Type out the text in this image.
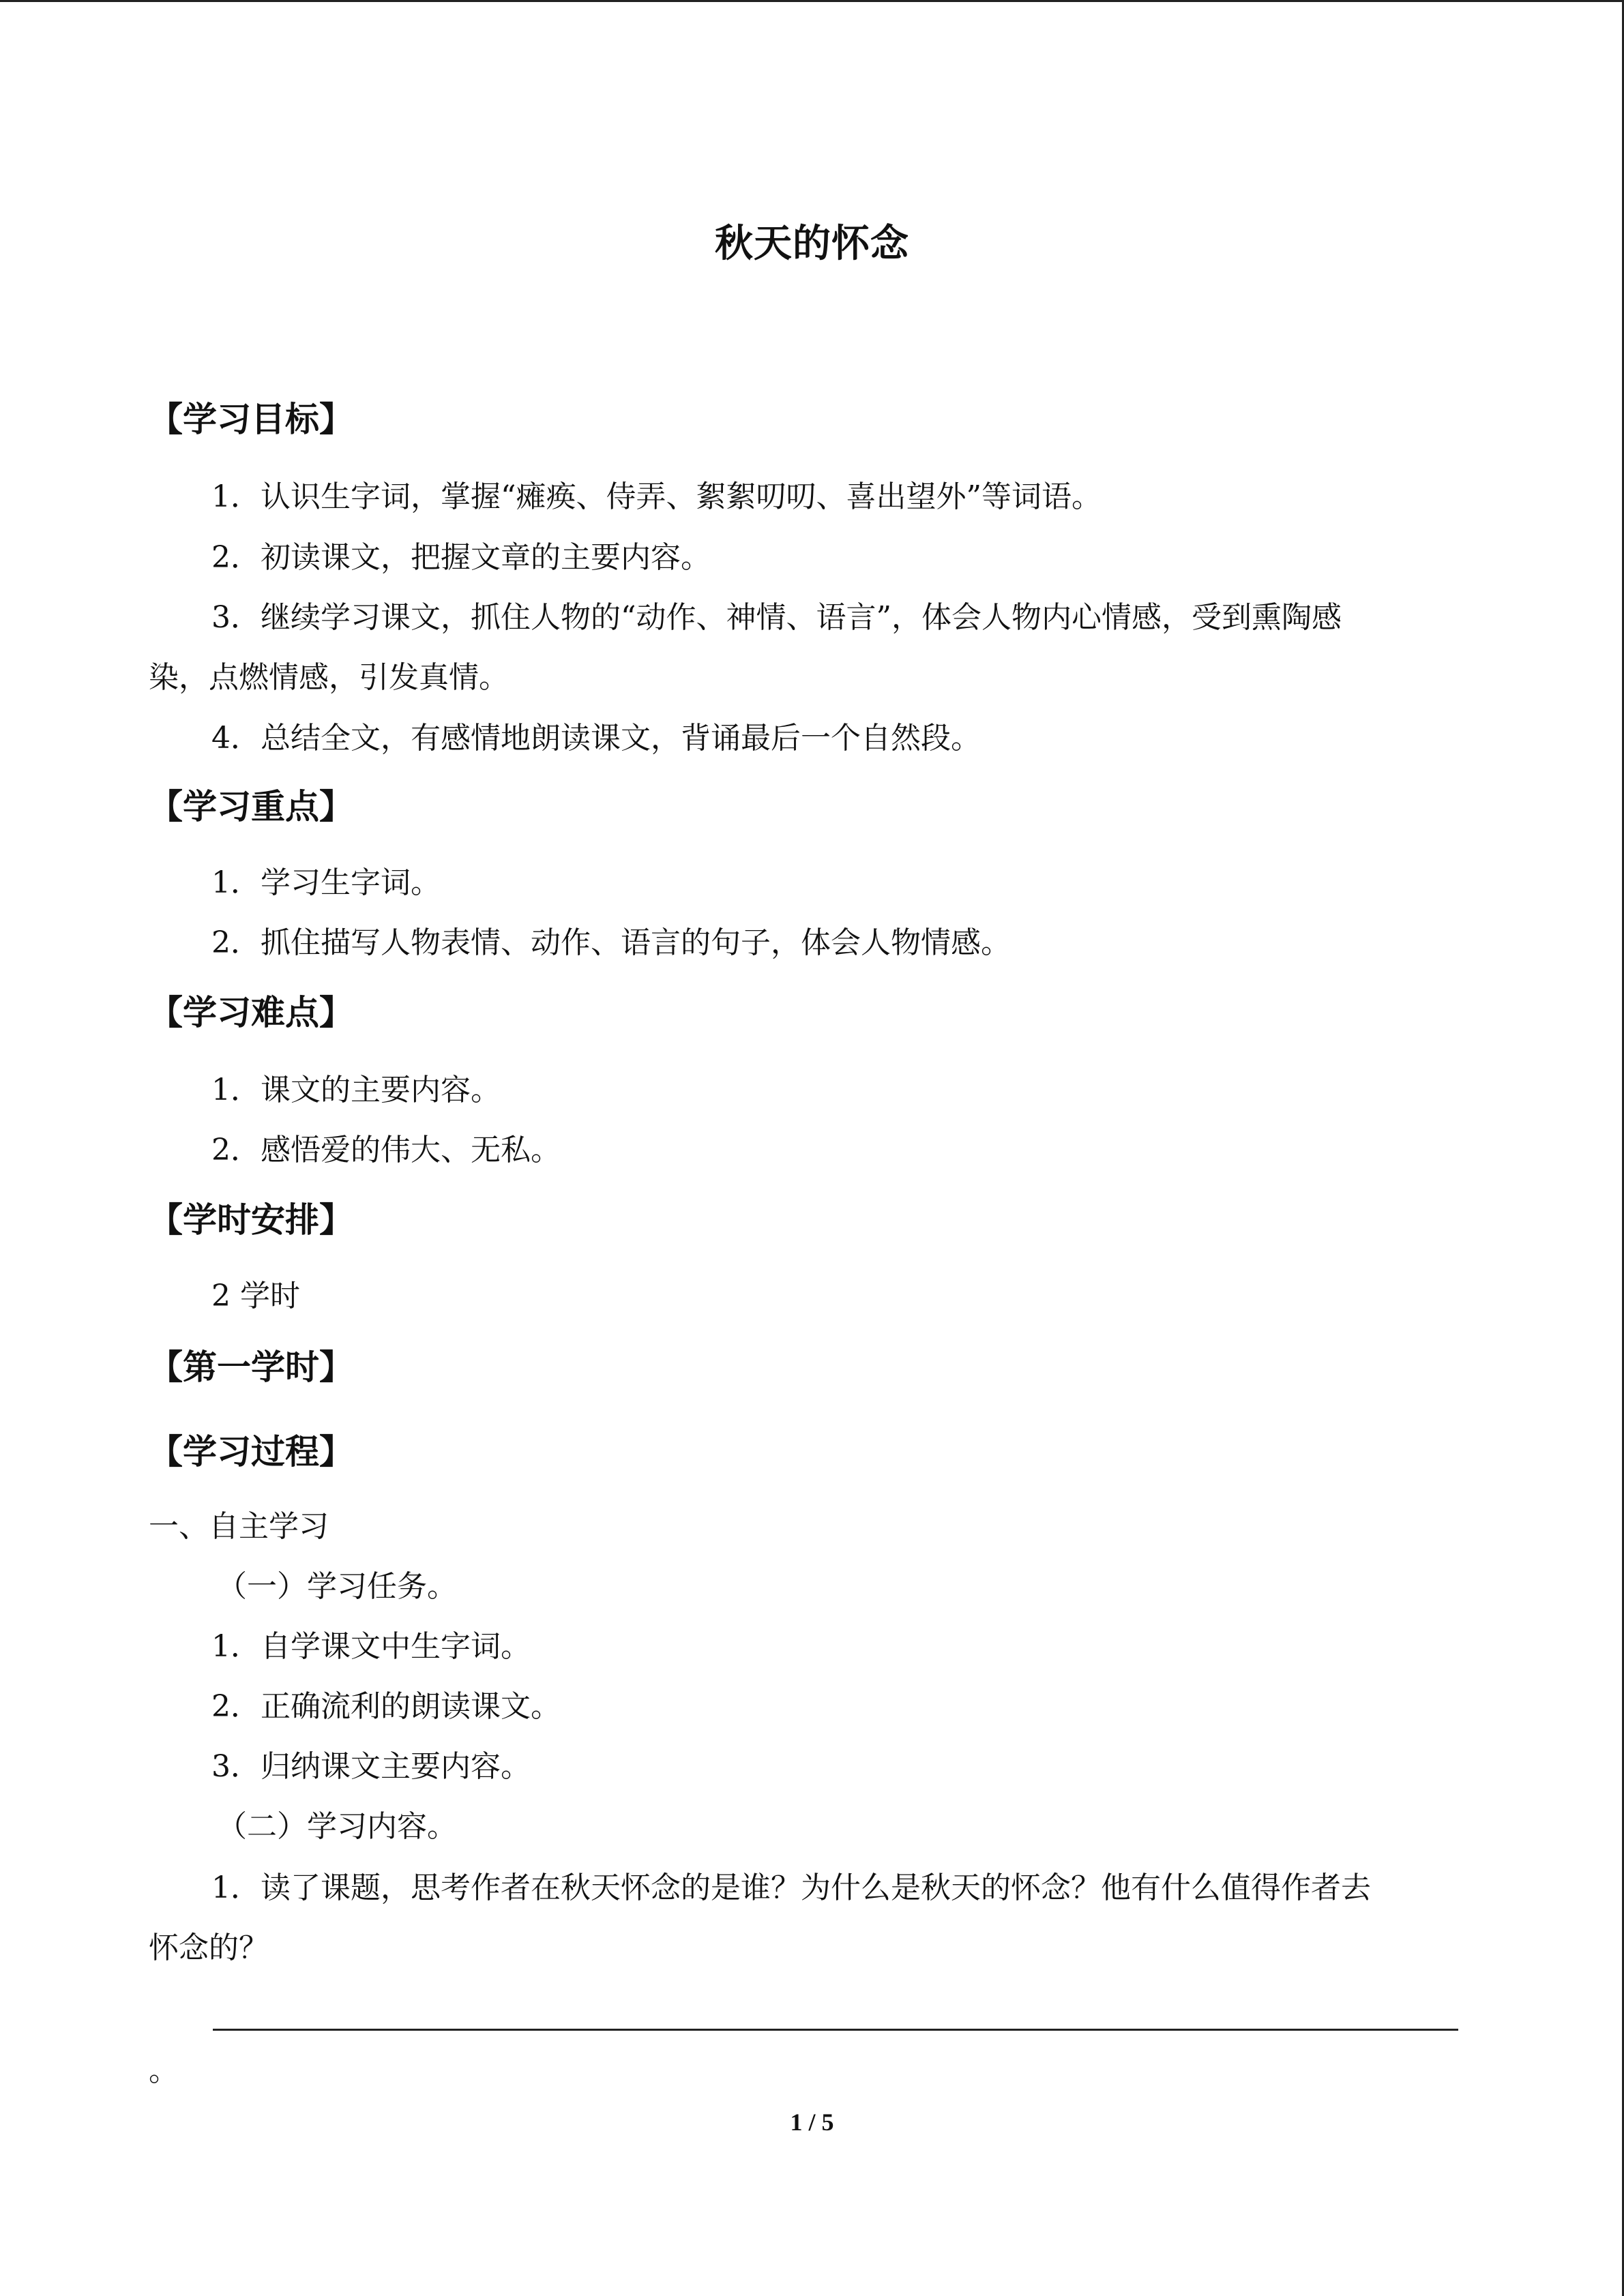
秋天的怀念
【学习目标】
1．认识生字词，掌握“瘫痪、侍弄、絮絮叨叨、喜出望外”等词语。
2．初读课文，把握文章的主要内容。
3．继续学习课文，抓住人物的“动作、神情、语言”，体会人物内心情感，受到熏陶感
染，点燃情感，引发真情。
4．总结全文，有感情地朗读课文，背诵最后一个自然段。
【学习重点】
1．学习生字词。
2．抓住描写人物表情、动作、语言的句子，体会人物情感。
【学习难点】
1．课文的主要内容。
2．感悟爱的伟大、无私。
【学时安排】
2 学时
【第一学时】
【学习过程】
一、自主学习
（一）学习任务。
1．自学课文中生字词。
2．正确流利的朗读课文。
3．归纳课文主要内容。
（二）学习内容。
1．读了课题，思考作者在秋天怀念的是谁？为什么是秋天的怀念？他有什么值得作者去
怀念的？
。
1 / 5
